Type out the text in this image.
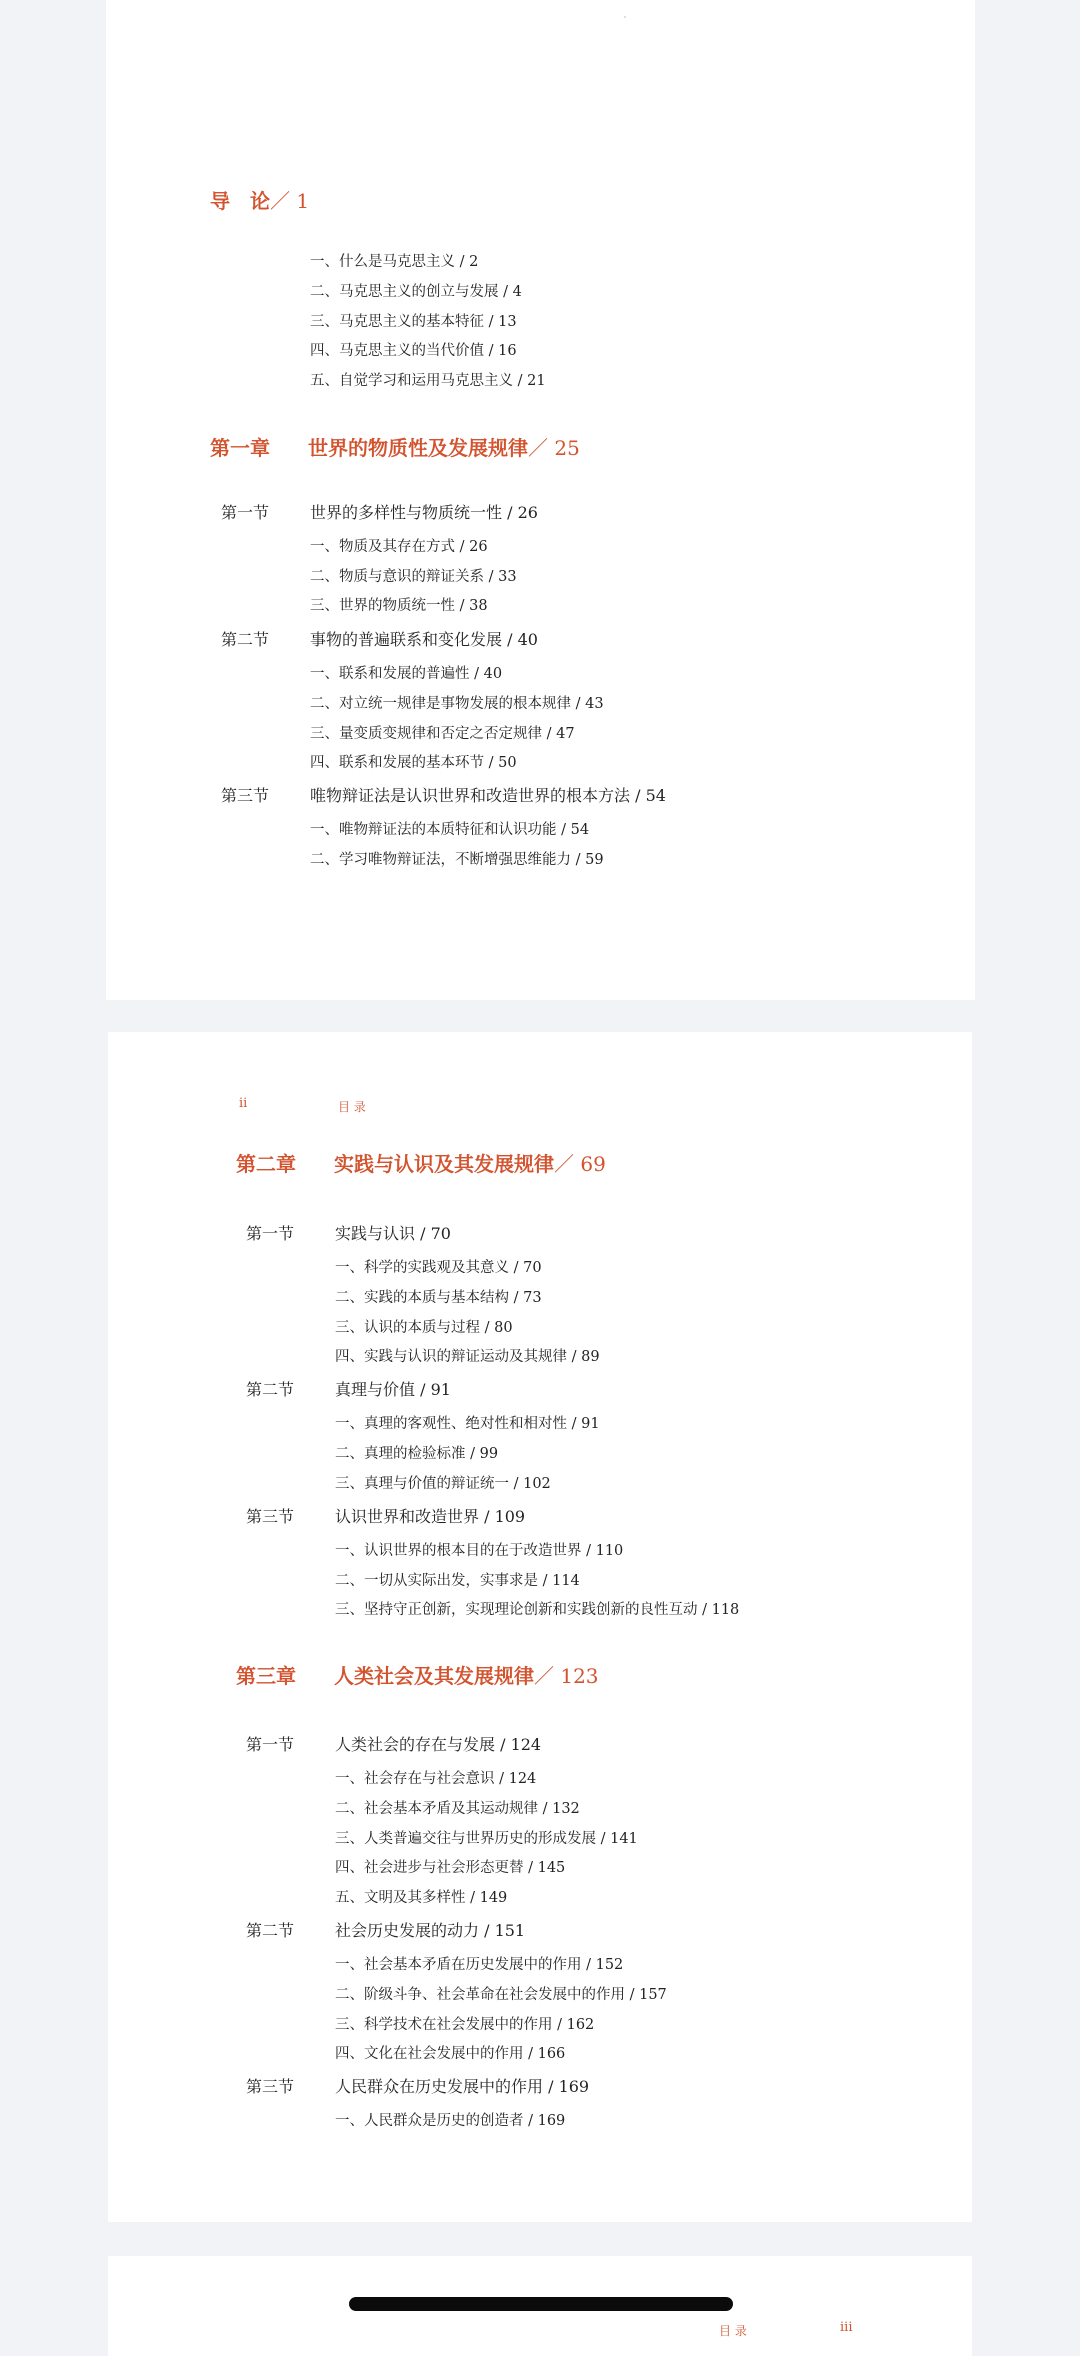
导　论／ 1
一、什么是马克思主义 / 2
二、马克思主义的创立与发展 / 4
三、马克思主义的基本特征 / 13
四、马克思主义的当代价值 / 16
五、自觉学习和运用马克思主义 / 21
第一章 世界的物质性及发展规律／ 25
第一节	世界的多样性与物质统一性 / 26
一、物质及其存在方式 / 26
二、物质与意识的辩证关系 / 33
三、世界的物质统一性 / 38
第二节	事物的普遍联系和变化发展 / 40
一、联系和发展的普遍性 / 40
二、对立统一规律是事物发展的根本规律 / 43
三、量变质变规律和否定之否定规律 / 47
四、联系和发展的基本环节 / 50
第三节	唯物辩证法是认识世界和改造世界的根本方法 / 54
一、唯物辩证法的本质特征和认识功能 / 54
二、学习唯物辩证法，不断增强思维能力 / 59
ii	目 录
第二章 实践与认识及其发展规律／ 69
第一节	实践与认识 / 70
一、科学的实践观及其意义 / 70
二、实践的本质与基本结构 / 73
三、认识的本质与过程 / 80
四、实践与认识的辩证运动及其规律 / 89
第二节	真理与价值 / 91
一、真理的客观性、绝对性和相对性 / 91
二、真理的检验标准 / 99
三、真理与价值的辩证统一 / 102
第三节	认识世界和改造世界 / 109
一、认识世界的根本目的在于改造世界 / 110
二、一切从实际出发，实事求是 / 114
三、坚持守正创新，实现理论创新和实践创新的良性互动 / 118
第三章 人类社会及其发展规律／ 123
第一节	人类社会的存在与发展 / 124
一、社会存在与社会意识 / 124
二、社会基本矛盾及其运动规律 / 132
三、人类普遍交往与世界历史的形成发展 / 141
四、社会进步与社会形态更替 / 145
五、文明及其多样性 / 149
第二节	社会历史发展的动力 / 151
一、社会基本矛盾在历史发展中的作用 / 152
二、阶级斗争、社会革命在社会发展中的作用 / 157
三、科学技术在社会发展中的作用 / 162
四、文化在社会发展中的作用 / 166
第三节	人民群众在历史发展中的作用 / 169
一、人民群众是历史的创造者 / 169
目 录	iii
